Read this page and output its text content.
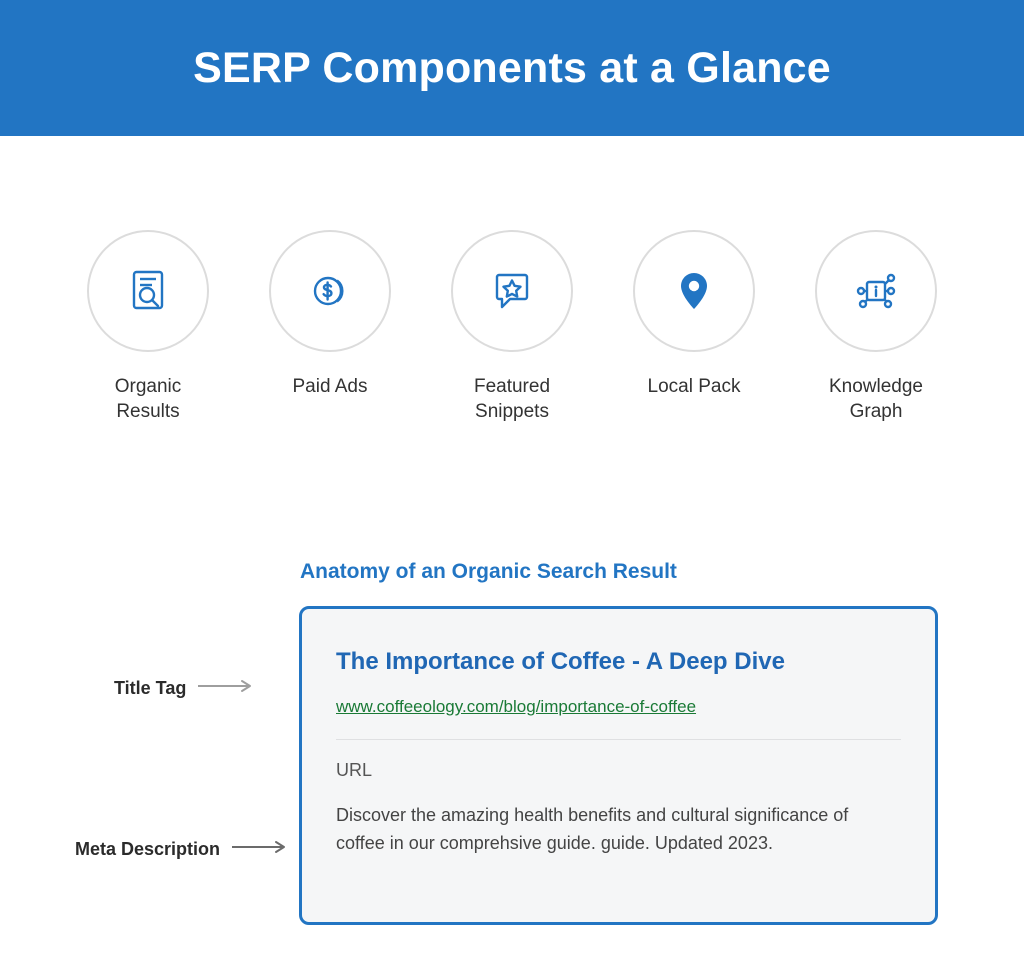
SERP Components at a Glance
Organic
Results
Paid Ads	Featured
Snippets
Local Pack	Knowledge
Graph
Anatomy of an Organic Search Result
The Importance of Coffee - A Deep Dive
www.coffeeology.com/blog/importance-of-coffee
URL
Discover the amazing health benefits and cultural significance of coffee in our comprehsive guide. guide. Updated 2023.
Title Tag
Meta Description
